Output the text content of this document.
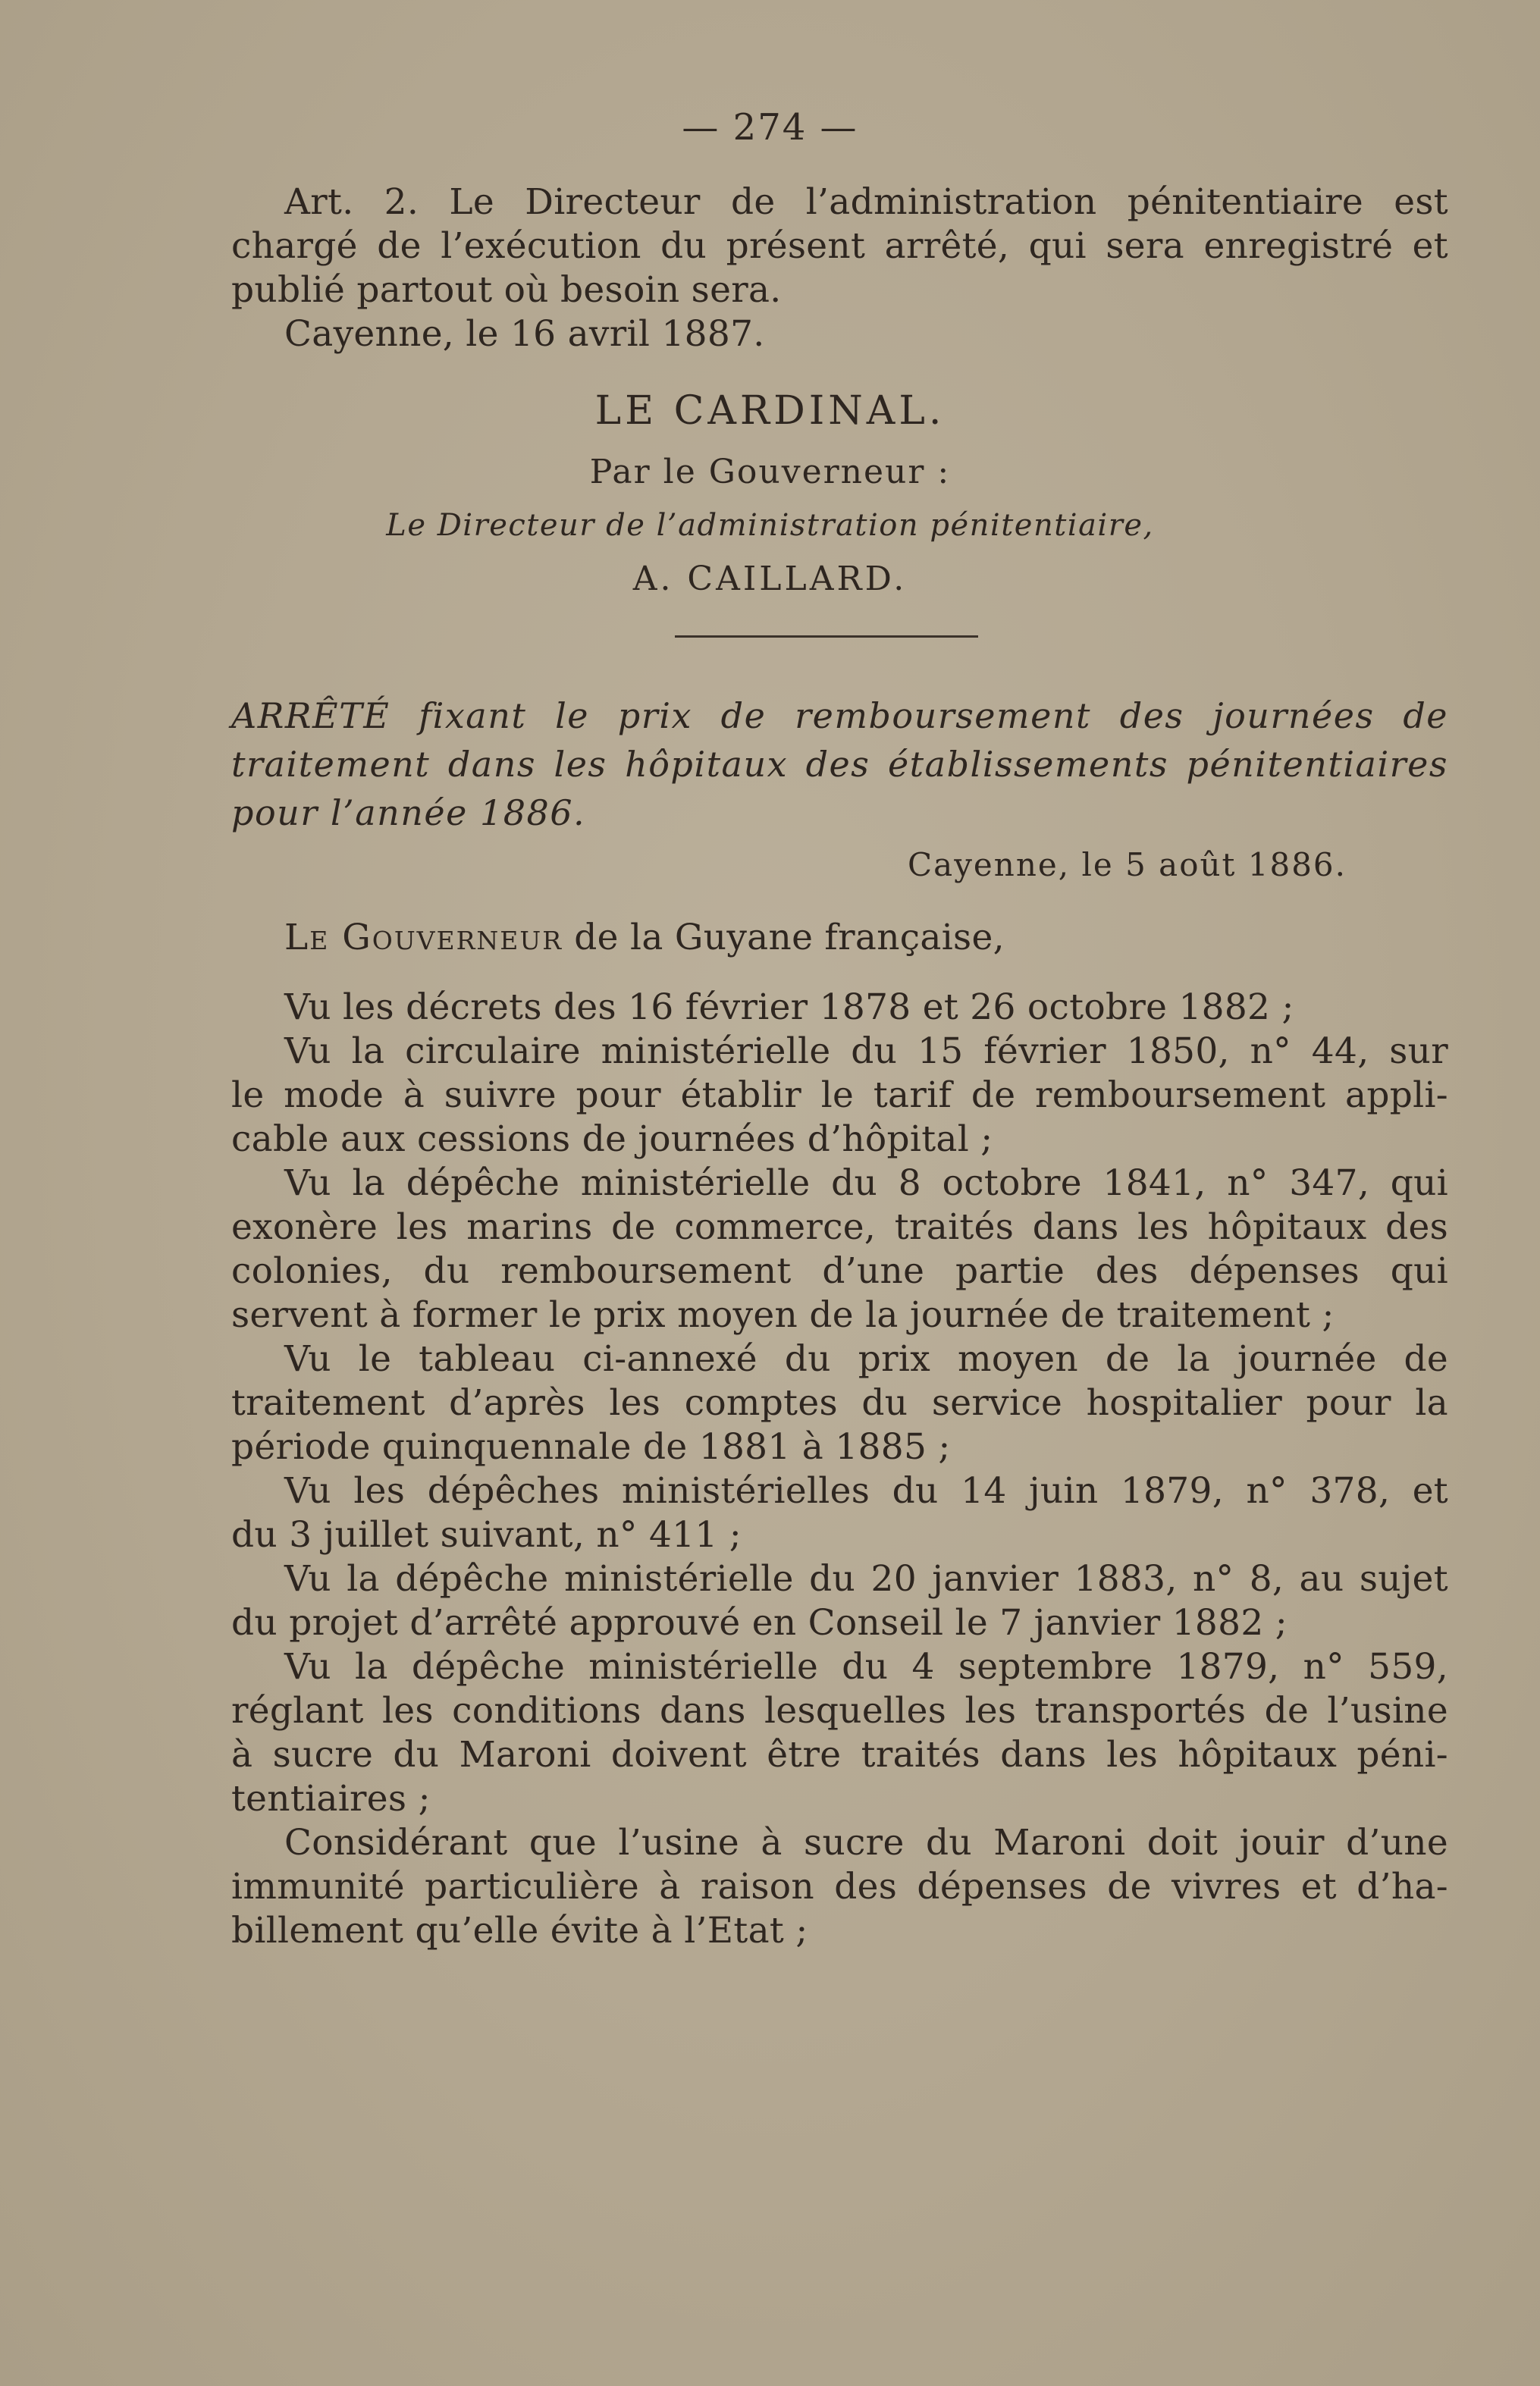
— 274 —
Art. 2. Le Directeur de l’administration pénitentiaire est
chargé de l’exécution du présent arrêté, qui sera enregistré et
publié partout où besoin sera.
Cayenne, le 16 avril 1887.
LE CARDINAL.
Par le Gouverneur :
Le Directeur de l’administration pénitentiaire,
A. CAILLARD.
ARRÊTÉ fixant le prix de remboursement des journées de
traitement dans les hôpitaux des établissements pénitentiaires
pour l’année 1886.
Cayenne, le 5 août 1886.
Le Gouverneur de la Guyane française,
Vu les décrets des 16 février 1878 et 26 octobre 1882 ;
Vu la circulaire ministérielle du 15 février 1850, n° 44, sur
le mode à suivre pour établir le tarif de remboursement appli-
cable aux cessions de journées d’hôpital ;
Vu la dépêche ministérielle du 8 octobre 1841, n° 347, qui
exonère les marins de commerce, traités dans les hôpitaux des
colonies, du remboursement d’une partie des dépenses qui
servent à former le prix moyen de la journée de traitement ;
Vu le tableau ci-annexé du prix moyen de la journée de
traitement d’après les comptes du service hospitalier pour la
période quinquennale de 1881 à 1885 ;
Vu les dépêches ministérielles du 14 juin 1879, n° 378, et
du 3 juillet suivant, n° 411 ;
Vu la dépêche ministérielle du 20 janvier 1883, n° 8, au sujet
du projet d’arrêté approuvé en Conseil le 7 janvier 1882 ;
Vu la dépêche ministérielle du 4 septembre 1879, n° 559,
réglant les conditions dans lesquelles les transportés de l’usine
à sucre du Maroni doivent être traités dans les hôpitaux péni-
tentiaires ;
Considérant que l’usine à sucre du Maroni doit jouir d’une
immunité particulière à raison des dépenses de vivres et d’ha-
billement qu’elle évite à l’Etat ;
